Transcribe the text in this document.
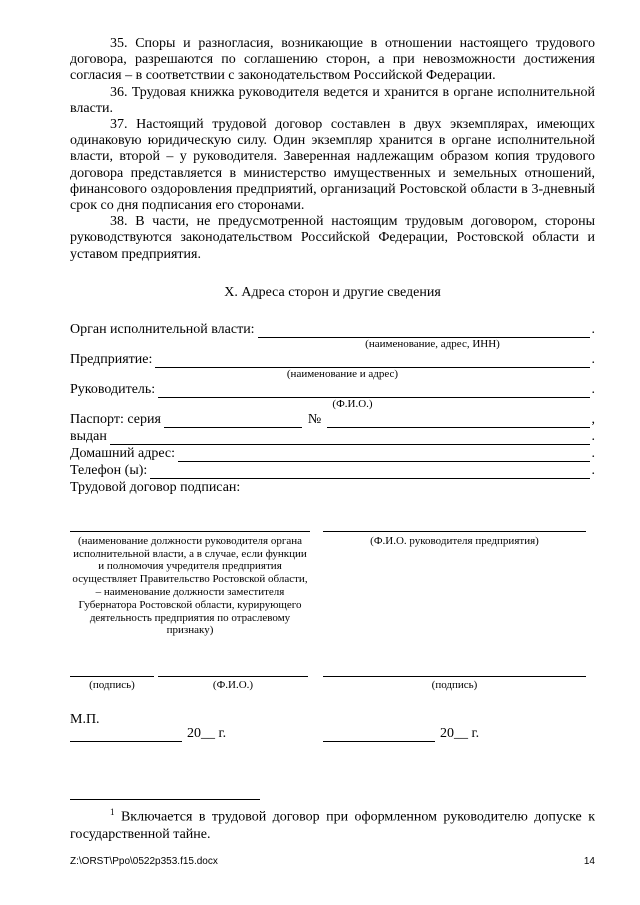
35. Споры и разногласия, возникающие в отношении настоящего трудового договора, разрешаются по соглашению сторон, а при невозможности достижения согласия – в соответствии с законодательством Российской Федерации.

36. Трудовая книжка руководителя ведется и хранится в органе исполнительной власти.

37. Настоящий трудовой договор составлен в двух экземплярах, имеющих одинаковую юридическую силу. Один экземпляр хранится в органе исполнительной власти, второй – у руководителя. Заверенная надлежащим образом копия трудового договора представляется в министерство имущественных и земельных отношений, финансового оздоровления предприятий, организаций Ростовской области в 3-дневный срок со дня подписания его сторонами.

38. В части, не предусмотренной настоящим трудовым договором, стороны руководствуются законодательством Российской Федерации, Ростовской области и уставом предприятия.

X. Адреса сторон и другие сведения
Орган исполнительной власти:	.
(наименование, адрес, ИНН)
Предприятие:	.
(наименование и адрес)
Руководитель:	.
(Ф.И.О.)
Паспорт: серия	№	,
выдан	.
Домашний адрес:	.
Телефон (ы):	.
Трудовой договор подписан:
(наименование должности руководителя органа исполнительной власти, а в случае, если функции и полномочия учредителя предприятия осуществляет Правительство Ростовской области, – наименование должности заместителя Губернатора Ростовской области, курирующего деятельность предприятия по отраслевому признаку)
(Ф.И.О. руководителя предприятия)
(подпись)	(Ф.И.О.)	(подпись)
М.П.
20__ г.	20__ г.
$^1$ Включается в трудовой договор при оформленном руководителю допуске к государственной тайне.
Z:\ORST\Ppo\0522p353.f15.docx	14
